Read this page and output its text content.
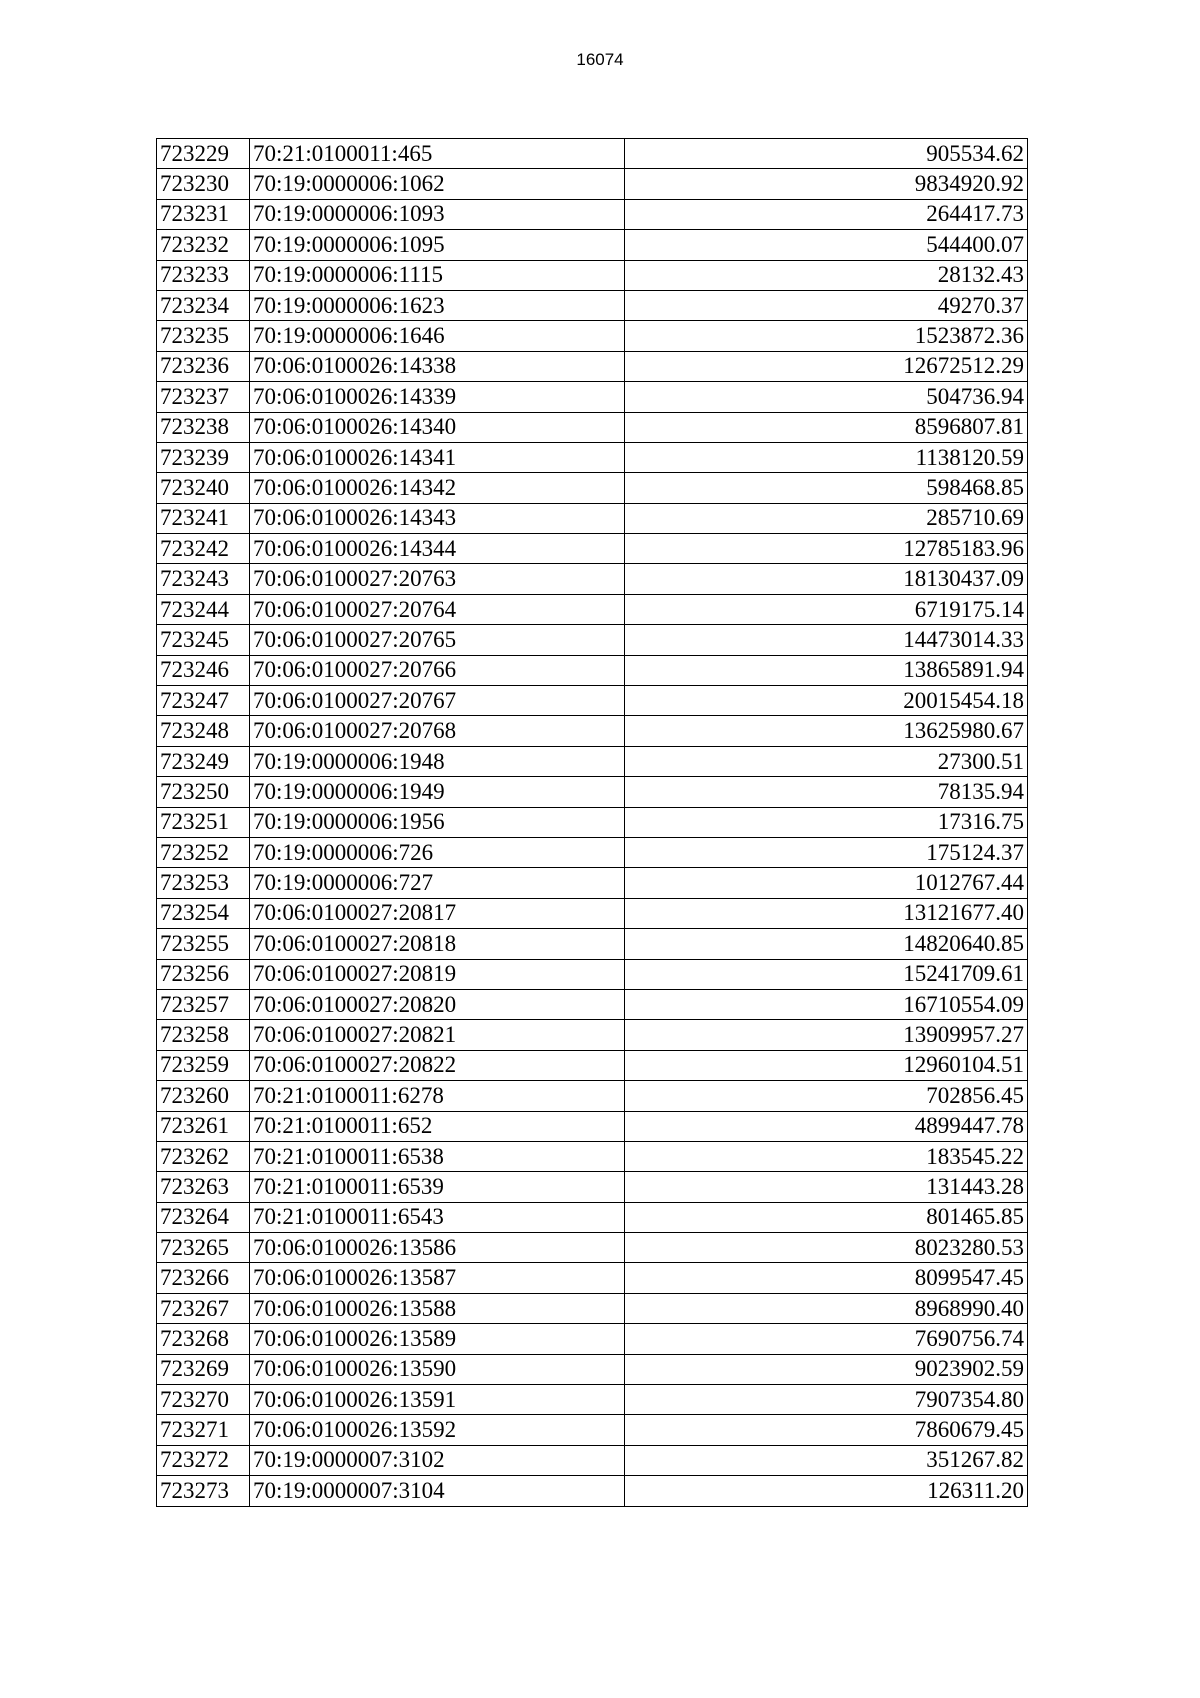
16074
723229	70:21:0100011:465	905534.62
723230	70:19:0000006:1062	9834920.92
723231	70:19:0000006:1093	264417.73
723232	70:19:0000006:1095	544400.07
723233	70:19:0000006:1115	28132.43
723234	70:19:0000006:1623	49270.37
723235	70:19:0000006:1646	1523872.36
723236	70:06:0100026:14338	12672512.29
723237	70:06:0100026:14339	504736.94
723238	70:06:0100026:14340	8596807.81
723239	70:06:0100026:14341	1138120.59
723240	70:06:0100026:14342	598468.85
723241	70:06:0100026:14343	285710.69
723242	70:06:0100026:14344	12785183.96
723243	70:06:0100027:20763	18130437.09
723244	70:06:0100027:20764	6719175.14
723245	70:06:0100027:20765	14473014.33
723246	70:06:0100027:20766	13865891.94
723247	70:06:0100027:20767	20015454.18
723248	70:06:0100027:20768	13625980.67
723249	70:19:0000006:1948	27300.51
723250	70:19:0000006:1949	78135.94
723251	70:19:0000006:1956	17316.75
723252	70:19:0000006:726	175124.37
723253	70:19:0000006:727	1012767.44
723254	70:06:0100027:20817	13121677.40
723255	70:06:0100027:20818	14820640.85
723256	70:06:0100027:20819	15241709.61
723257	70:06:0100027:20820	16710554.09
723258	70:06:0100027:20821	13909957.27
723259	70:06:0100027:20822	12960104.51
723260	70:21:0100011:6278	702856.45
723261	70:21:0100011:652	4899447.78
723262	70:21:0100011:6538	183545.22
723263	70:21:0100011:6539	131443.28
723264	70:21:0100011:6543	801465.85
723265	70:06:0100026:13586	8023280.53
723266	70:06:0100026:13587	8099547.45
723267	70:06:0100026:13588	8968990.40
723268	70:06:0100026:13589	7690756.74
723269	70:06:0100026:13590	9023902.59
723270	70:06:0100026:13591	7907354.80
723271	70:06:0100026:13592	7860679.45
723272	70:19:0000007:3102	351267.82
723273	70:19:0000007:3104	126311.20
